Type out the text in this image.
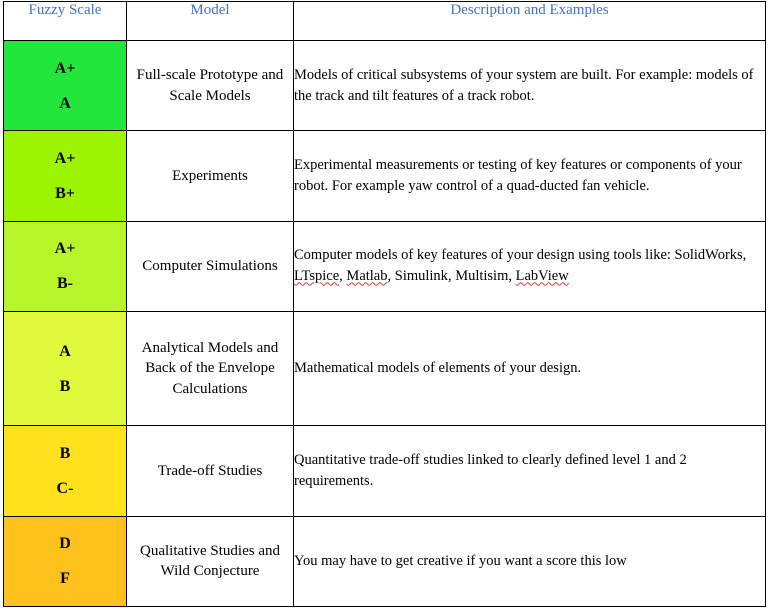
Fuzzy Scale	Model	Description and Examples

A+
A	Full-scale Prototype and Scale Models	Models of critical subsystems of your system are built. For example: models of the track and tilt features of a track robot.

A+
B+	Experiments	Experimental measurements or testing of key features or components of your robot. For example yaw control of a quad-ducted fan vehicle.

A+
B-	Computer Simulations	Computer models of key features of your design using tools like: SolidWorks, LTspice, Matlab, Simulink, Multisim, LabView

A
B	Analytical Models and Back of the Envelope Calculations	Mathematical models of elements of your design.

B
C-	Trade-off Studies	Quantitative trade-off studies linked to clearly defined level 1 and 2 requirements.

D
F	Qualitative Studies and Wild Conjecture	You may have to get creative if you want a score this low
